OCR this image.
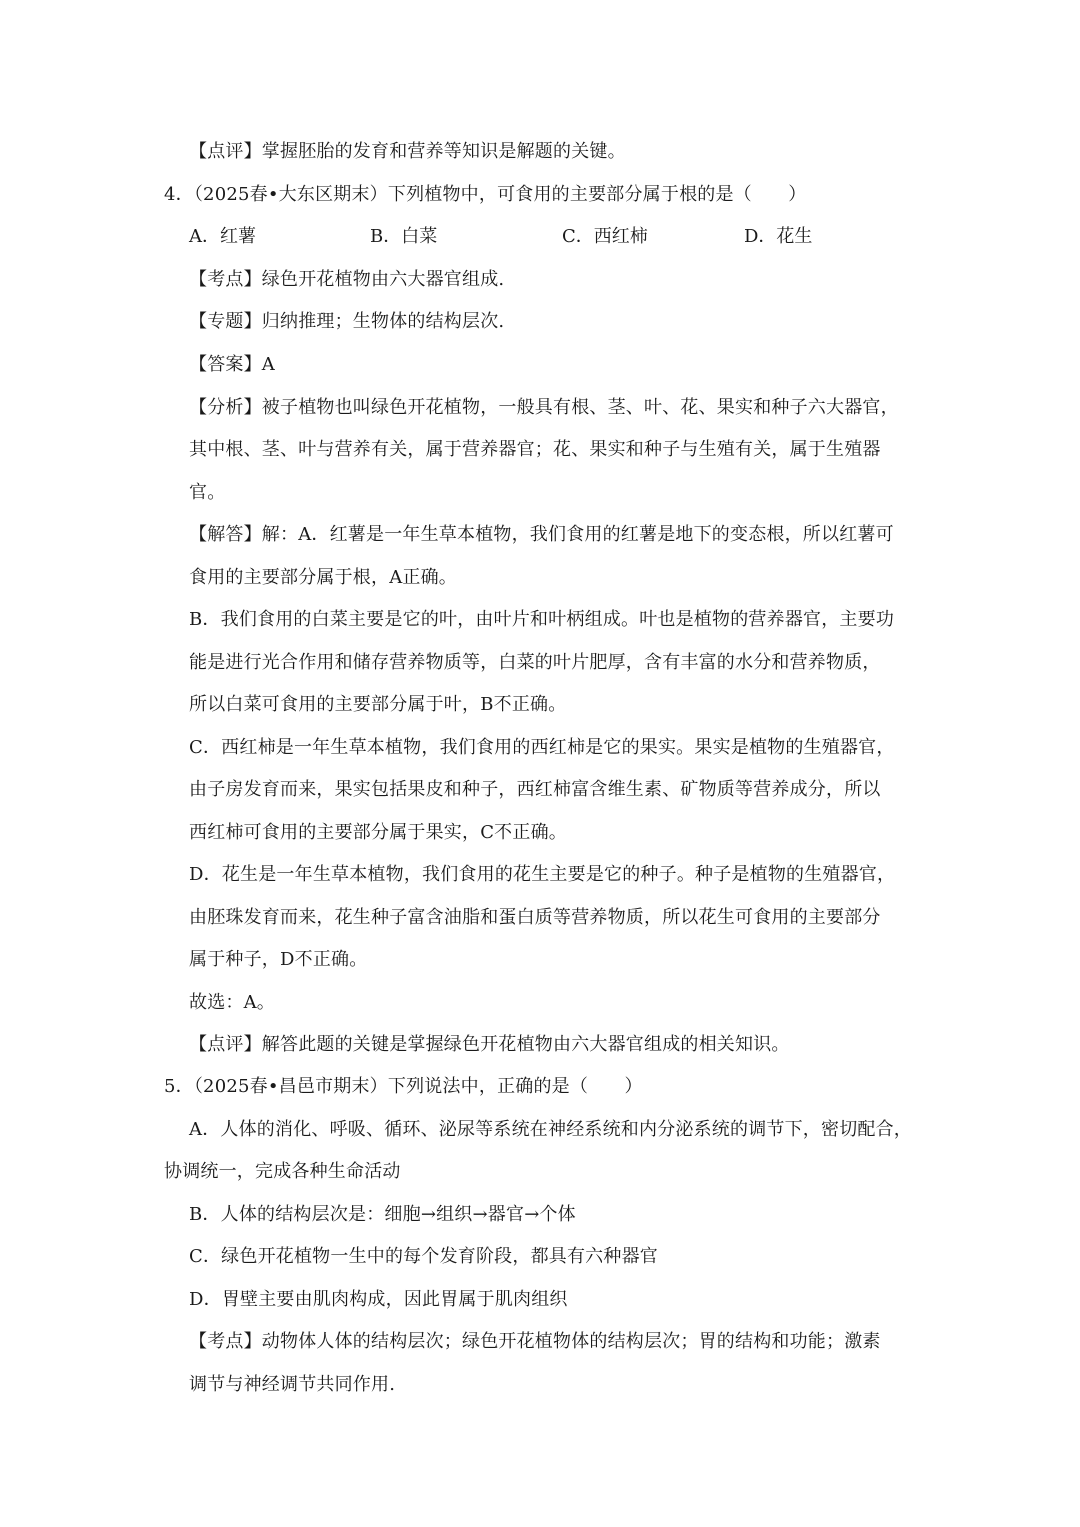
【点评】掌握胚胎的发育和营养等知识是解题的关键。
4．（2025春•大东区期末）下列植物中，可食用的主要部分属于根的是（　　）
A．红薯	B．白菜	C．西红柿	D．花生
【考点】绿色开花植物由六大器官组成.
【专题】归纳推理；生物体的结构层次.
【答案】A
【分析】被子植物也叫绿色开花植物，一般具有根、茎、叶、花、果实和种子六大器官，
其中根、茎、叶与营养有关，属于营养器官；花、果实和种子与生殖有关，属于生殖器
官。
【解答】解：A．红薯是一年生草本植物，我们食用的红薯是地下的变态根，所以红薯可
食用的主要部分属于根，A正确。
B．我们食用的白菜主要是它的叶，由叶片和叶柄组成。叶也是植物的营养器官，主要功
能是进行光合作用和储存营养物质等，白菜的叶片肥厚，含有丰富的水分和营养物质，
所以白菜可食用的主要部分属于叶，B不正确。
C．西红柿是一年生草本植物，我们食用的西红柿是它的果实。果实是植物的生殖器官，
由子房发育而来，果实包括果皮和种子，西红柿富含维生素、矿物质等营养成分，所以
西红柿可食用的主要部分属于果实，C不正确。
D．花生是一年生草本植物，我们食用的花生主要是它的种子。种子是植物的生殖器官，
由胚珠发育而来，花生种子富含油脂和蛋白质等营养物质，所以花生可食用的主要部分
属于种子，D不正确。
故选：A。
【点评】解答此题的关键是掌握绿色开花植物由六大器官组成的相关知识。
5．（2025春•昌邑市期末）下列说法中，正确的是（　　）
A．人体的消化、呼吸、循环、泌尿等系统在神经系统和内分泌系统的调节下，密切配合，
协调统一，完成各种生命活动
B．人体的结构层次是：细胞→组织→器官→个体
C．绿色开花植物一生中的每个发育阶段，都具有六种器官
D．胃壁主要由肌肉构成，因此胃属于肌肉组织
【考点】动物体人体的结构层次；绿色开花植物体的结构层次；胃的结构和功能；激素
调节与神经调节共同作用.
